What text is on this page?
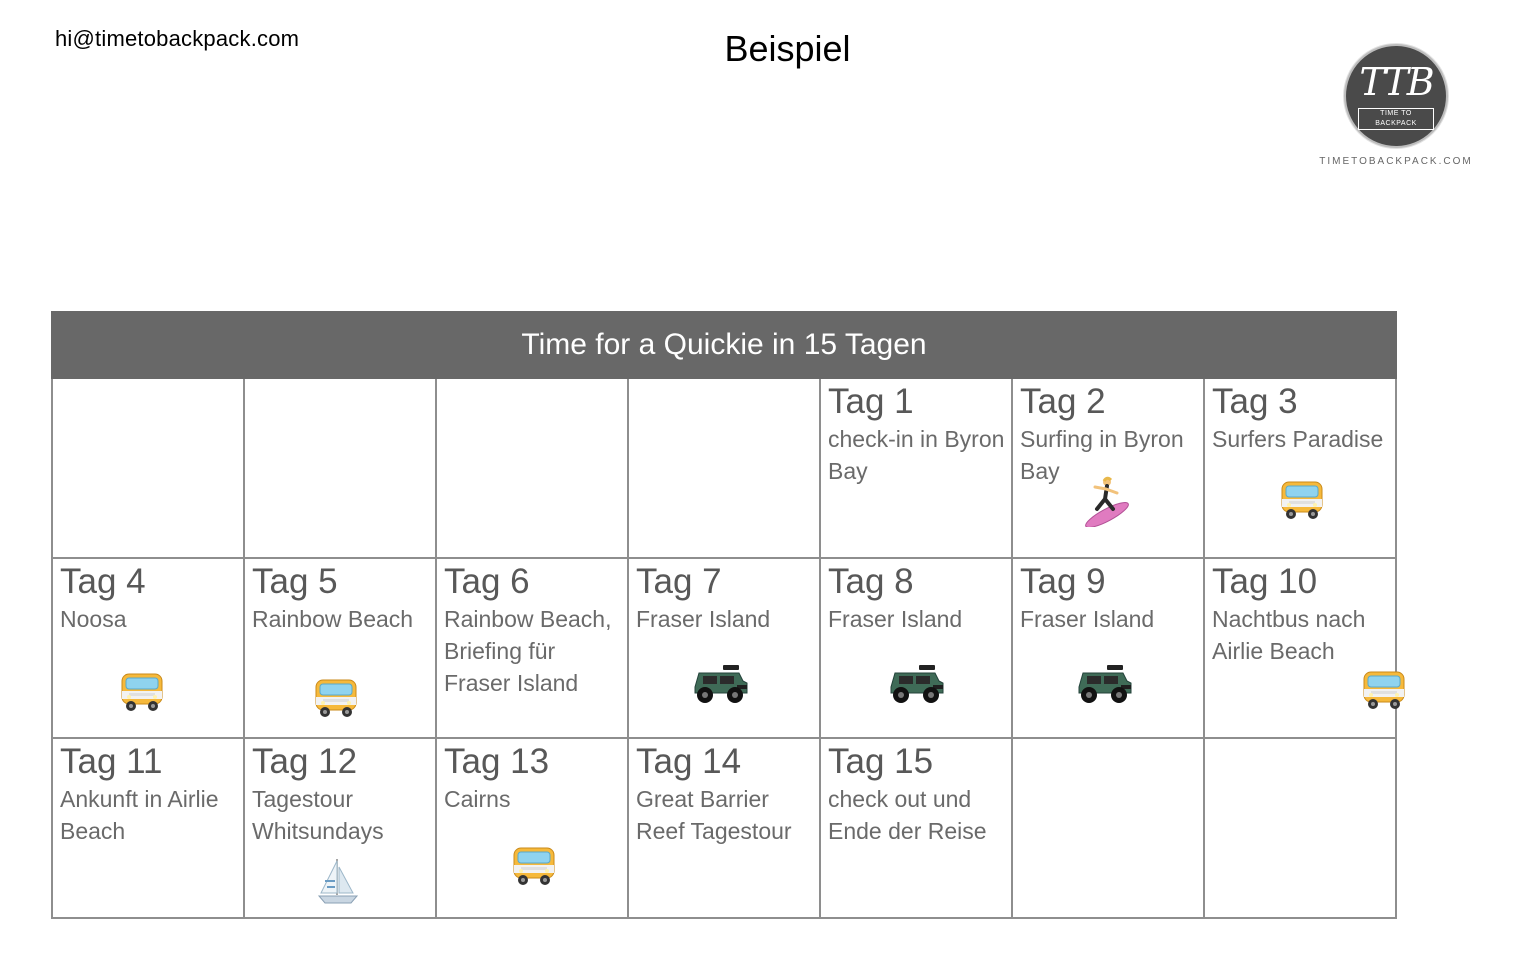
hi@timetobackpack.com	Beispiel
TTB
TIME TO BACKPACK
TIMETOBACKPACK.COM
Time for a Quickie in 15 Tagen						

				Tag 1
check-in in Byron Bay	Tag 2
Surfing in Byron Bay	Tag 3
Surfers Paradise

Tag 4
Noosa	Tag 5
Rainbow Beach	Tag 6
Rainbow Beach, Briefing für Fraser Island	Tag 7
Fraser Island	Tag 8
Fraser Island	Tag 9
Fraser Island	Tag 10
Nachtbus nach Airlie Beach

Tag 11
Ankunft in Airlie Beach	Tag 12
Tagestour Whitsundays	Tag 13
Cairns	Tag 14
Great Barrier Reef Tagestour	Tag 15
check out und Ende der Reise		
